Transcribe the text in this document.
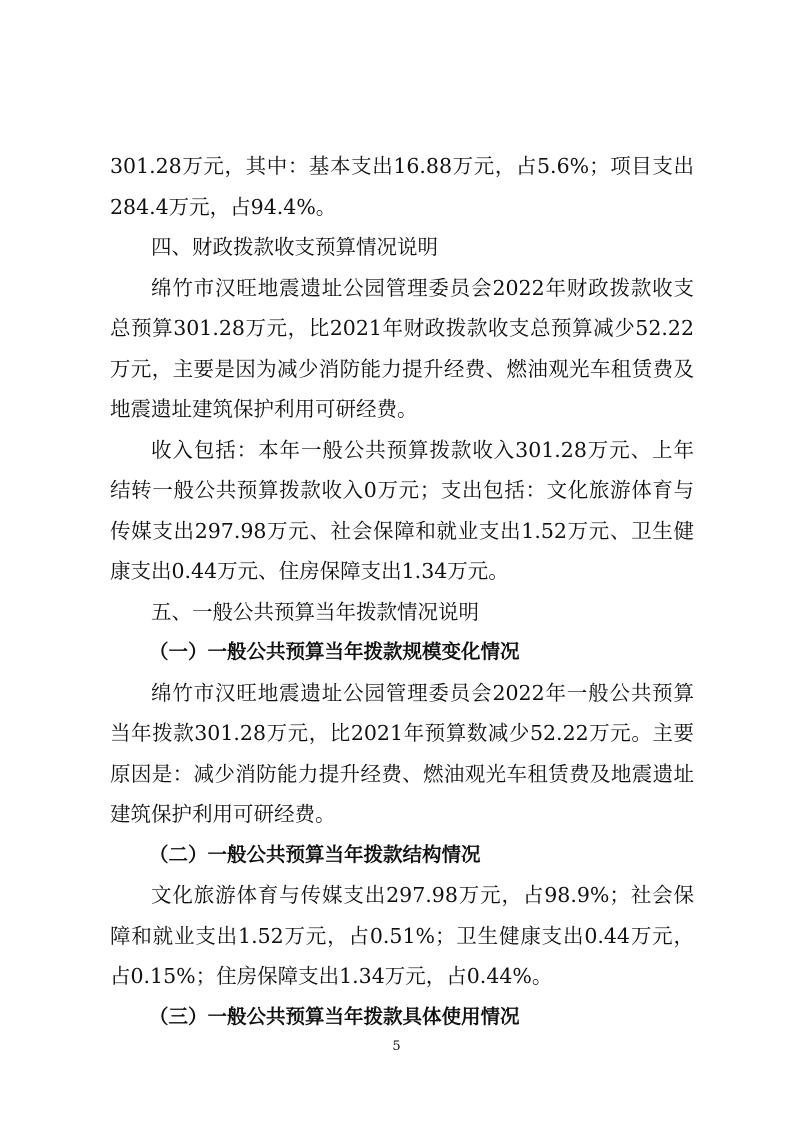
301.28万元，其中：基本支出16.88万元，占5.6%；项目支出284.4万元，占94.4%。

四、财政拨款收支预算情况说明

绵竹市汉旺地震遗址公园管理委员会2022年财政拨款收支总预算301.28万元，比2021年财政拨款收支总预算减少52.22万元，主要是因为减少消防能力提升经费、燃油观光车租赁费及地震遗址建筑保护利用可研经费。

收入包括：本年一般公共预算拨款收入301.28万元、上年结转一般公共预算拨款收入0万元；支出包括：文化旅游体育与传媒支出297.98万元、社会保障和就业支出1.52万元、卫生健康支出0.44万元、住房保障支出1.34万元。

五、一般公共预算当年拨款情况说明

（一）一般公共预算当年拨款规模变化情况

绵竹市汉旺地震遗址公园管理委员会2022年一般公共预算当年拨款301.28万元，比2021年预算数减少52.22万元。主要原因是：减少消防能力提升经费、燃油观光车租赁费及地震遗址建筑保护利用可研经费。

（二）一般公共预算当年拨款结构情况

文化旅游体育与传媒支出297.98万元，占98.9%；社会保障和就业支出1.52万元，占0.51%；卫生健康支出0.44万元，占0.15%；住房保障支出1.34万元，占0.44%。

（三）一般公共预算当年拨款具体使用情况

5
